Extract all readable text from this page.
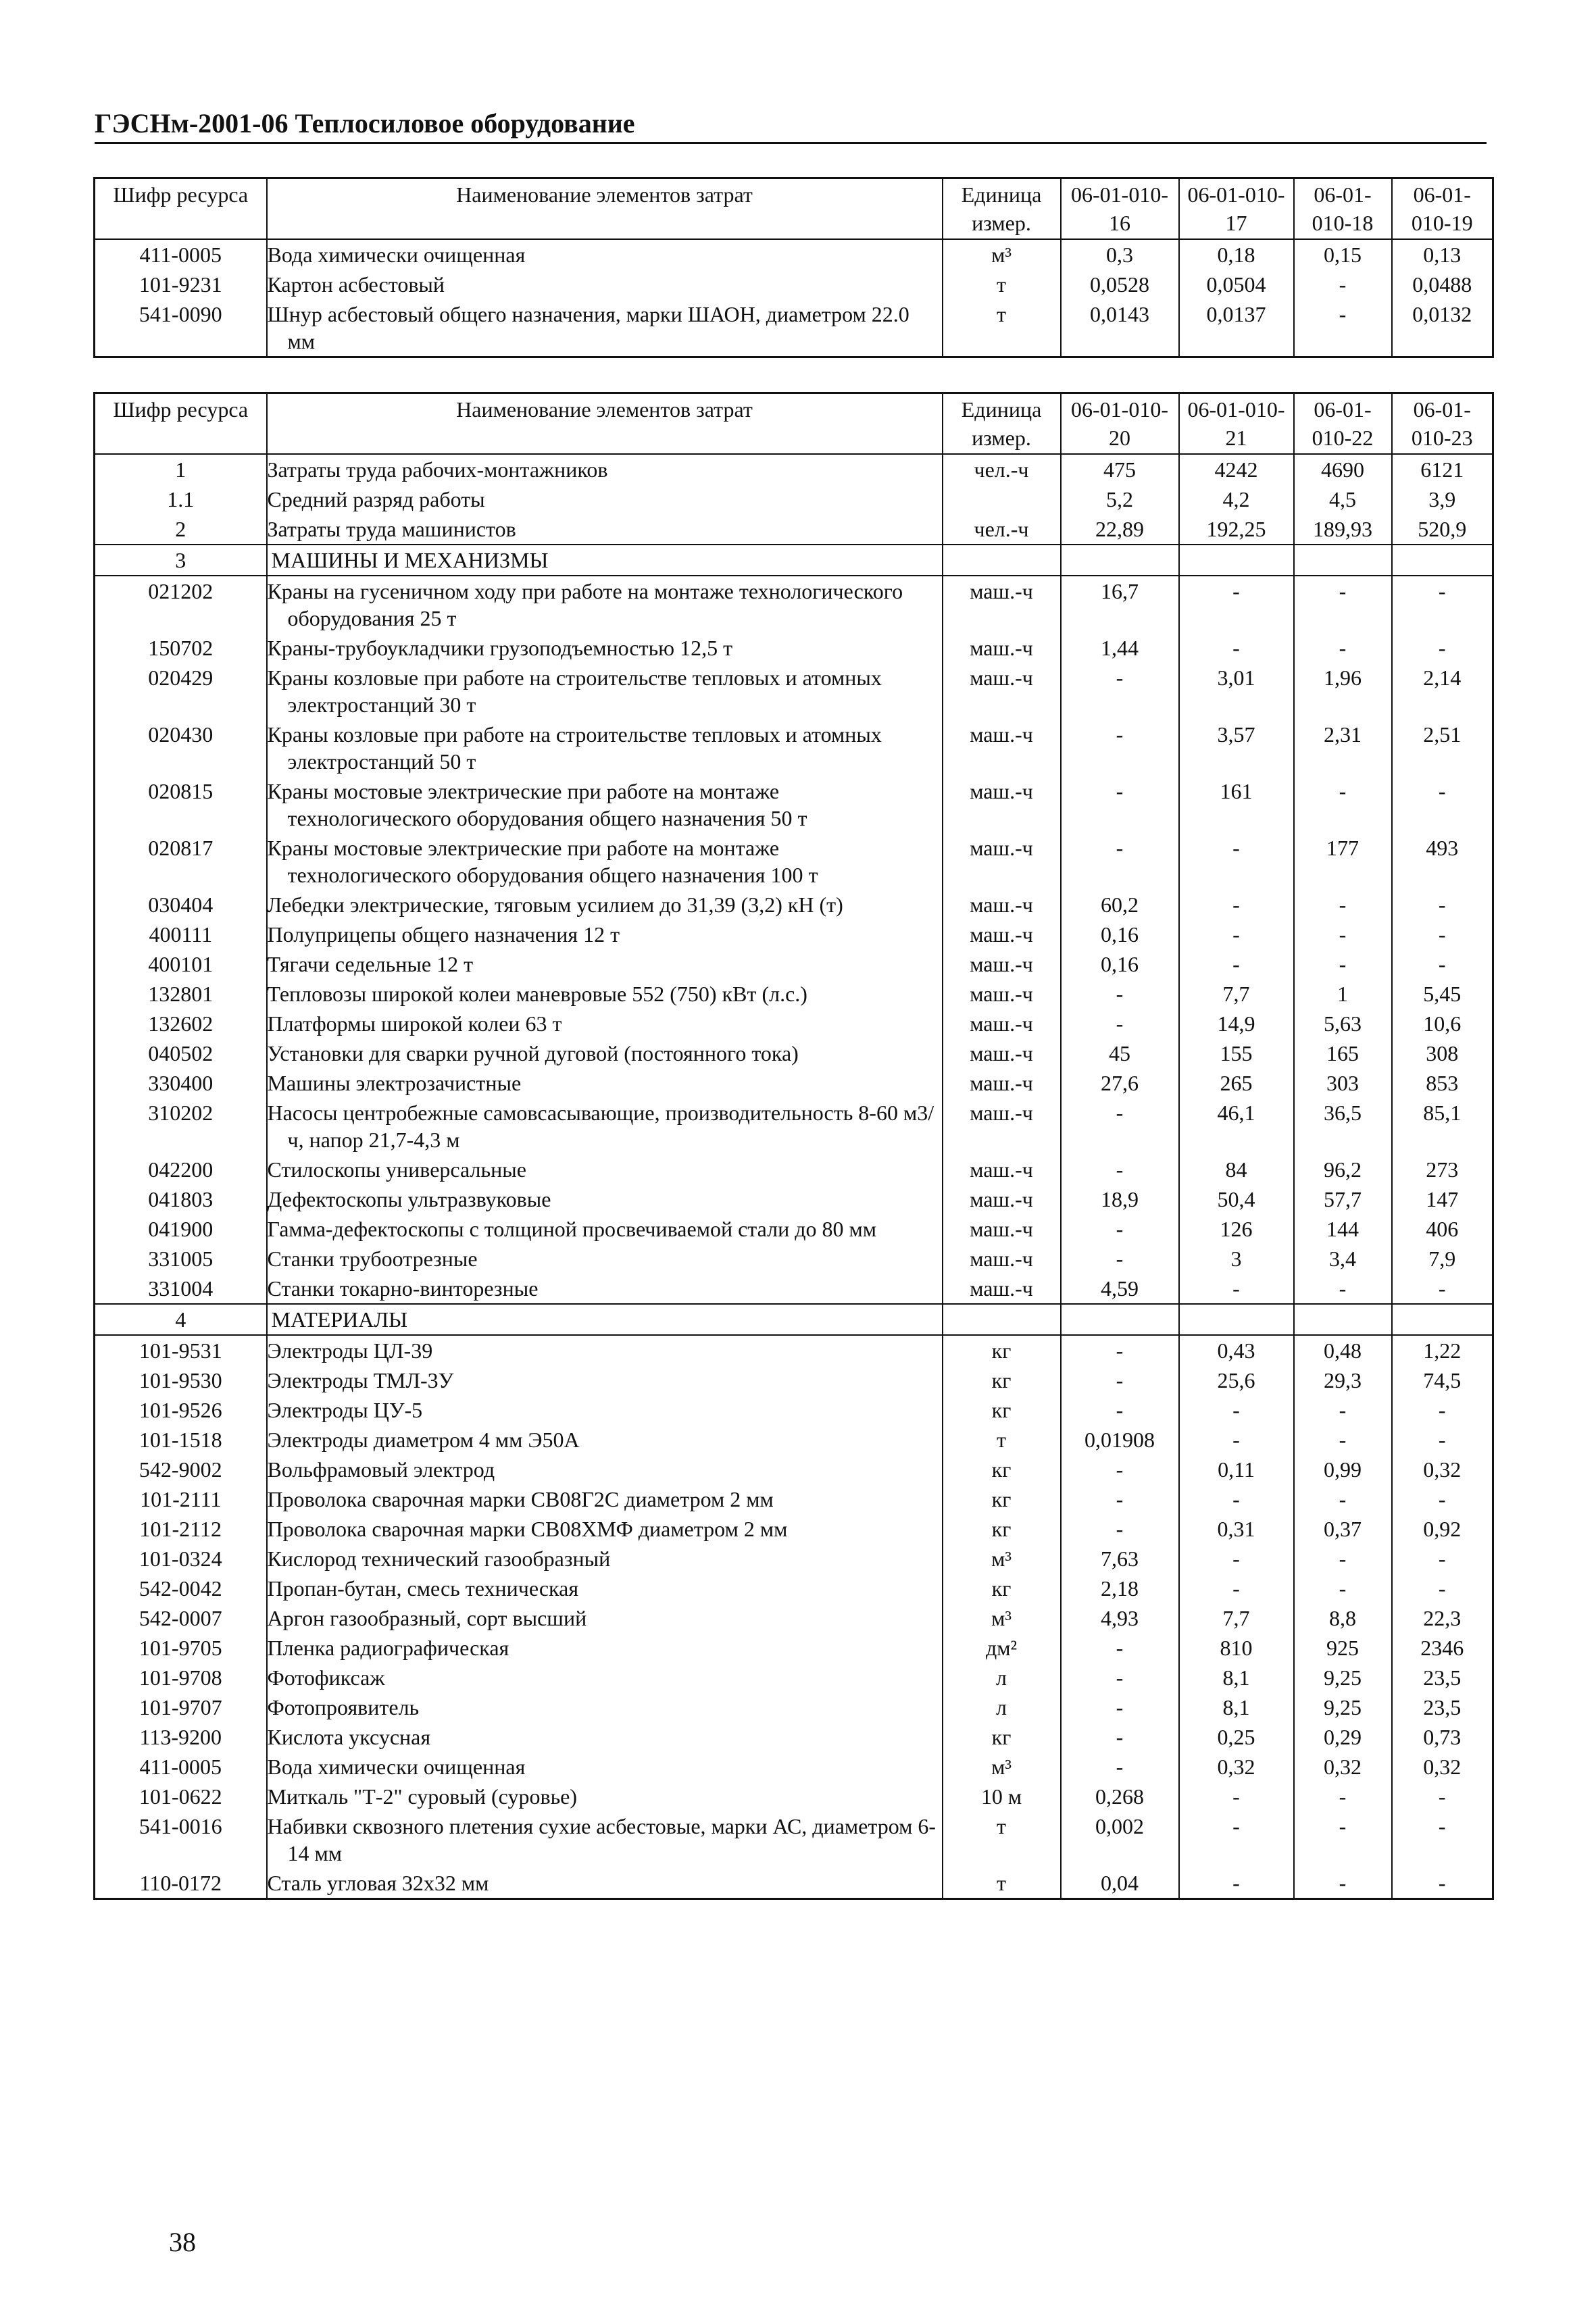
ГЭСНм-2001-06 Теплосиловое оборудование
Шифр ресурса	Наименование элементов затрат	Единица измер.	06-01-010-16	06-01-010-17	06-01-010-18	06-01-010-19
411-0005	Вода химически очищенная	м³	0,3	0,18	0,15	0,13
101-9231	Картон асбестовый	т	0,0528	0,0504	-	0,0488
541-0090	Шнур асбестовый общего назначения, марки ШАОН, диаметром 22.0 мм	т	0,0143	0,0137	-	0,0132
Шифр ресурса	Наименование элементов затрат	Единица измер.	06-01-010-20	06-01-010-21	06-01-010-22	06-01-010-23
1	Затраты труда рабочих-монтажников	чел.-ч	475	4242	4690	6121
1.1	Средний разряд работы		5,2	4,2	4,5	3,9
2	Затраты труда машинистов	чел.-ч	22,89	192,25	189,93	520,9
3	МАШИНЫ И МЕХАНИЗМЫ					
021202	Краны на гусеничном ходу при работе на монтаже технологического оборудования 25 т	маш.-ч	16,7	-	-	-
150702	Краны-трубоукладчики грузоподъемностью 12,5 т	маш.-ч	1,44	-	-	-
020429	Краны козловые при работе на строительстве тепловых и атомных электростанций 30 т	маш.-ч	-	3,01	1,96	2,14
020430	Краны козловые при работе на строительстве тепловых и атомных электростанций 50 т	маш.-ч	-	3,57	2,31	2,51
020815	Краны мостовые электрические при работе на монтаже технологического оборудования общего назначения 50 т	маш.-ч	-	161	-	-
020817	Краны мостовые электрические при работе на монтаже технологического оборудования общего назначения 100 т	маш.-ч	-	-	177	493
030404	Лебедки электрические, тяговым усилием до 31,39 (3,2) кН (т)	маш.-ч	60,2	-	-	-
400111	Полуприцепы общего назначения 12 т	маш.-ч	0,16	-	-	-
400101	Тягачи седельные 12 т	маш.-ч	0,16	-	-	-
132801	Тепловозы широкой колеи маневровые 552 (750) кВт (л.с.)	маш.-ч	-	7,7	1	5,45
132602	Платформы широкой колеи 63 т	маш.-ч	-	14,9	5,63	10,6
040502	Установки для сварки ручной дуговой (постоянного тока)	маш.-ч	45	155	165	308
330400	Машины электрозачистные	маш.-ч	27,6	265	303	853
310202	Насосы центробежные самовсасывающие, производительность 8-60 м3/ч, напор 21,7-4,3 м	маш.-ч	-	46,1	36,5	85,1
042200	Стилоскопы универсальные	маш.-ч	-	84	96,2	273
041803	Дефектоскопы ультразвуковые	маш.-ч	18,9	50,4	57,7	147
041900	Гамма-дефектоскопы с толщиной просвечиваемой стали до 80 мм	маш.-ч	-	126	144	406
331005	Станки трубоотрезные	маш.-ч	-	3	3,4	7,9
331004	Станки токарно-винторезные	маш.-ч	4,59	-	-	-
4	МАТЕРИАЛЫ					
101-9531	Электроды ЦЛ-39	кг	-	0,43	0,48	1,22
101-9530	Электроды ТМЛ-3У	кг	-	25,6	29,3	74,5
101-9526	Электроды ЦУ-5	кг	-	-	-	-
101-1518	Электроды диаметром 4 мм Э50А	т	0,01908	-	-	-
542-9002	Вольфрамовый электрод	кг	-	0,11	0,99	0,32
101-2111	Проволока сварочная марки СВ08Г2С диаметром 2 мм	кг	-	-	-	-
101-2112	Проволока сварочная марки СВ08ХМФ диаметром 2 мм	кг	-	0,31	0,37	0,92
101-0324	Кислород технический газообразный	м³	7,63	-	-	-
542-0042	Пропан-бутан, смесь техническая	кг	2,18	-	-	-
542-0007	Аргон газообразный, сорт высший	м³	4,93	7,7	8,8	22,3
101-9705	Пленка радиографическая	дм²	-	810	925	2346
101-9708	Фотофиксаж	л	-	8,1	9,25	23,5
101-9707	Фотопроявитель	л	-	8,1	9,25	23,5
113-9200	Кислота уксусная	кг	-	0,25	0,29	0,73
411-0005	Вода химически очищенная	м³	-	0,32	0,32	0,32
101-0622	Миткаль "Т-2" суровый (суровье)	10 м	0,268	-	-	-
541-0016	Набивки сквозного плетения сухие асбестовые, марки АС, диаметром 6-14 мм	т	0,002	-	-	-
110-0172	Сталь угловая 32х32 мм	т	0,04	-	-	-
38
